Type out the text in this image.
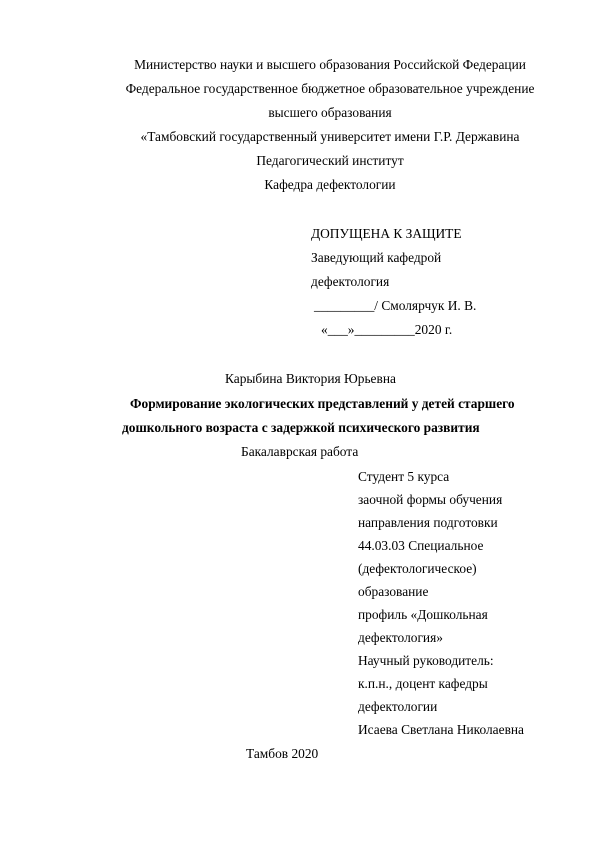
Министерство науки и высшего образования Российской Федерации
Федеральное государственное бюджетное образовательное учреждение
высшего образования
«Тамбовский государственный университет имени Г.Р. Державина
Педагогический институт
Кафедра дефектологии
ДОПУЩЕНА К ЗАЩИТЕ
Заведующий кафедрой
дефектология
_________/ Смолярчук И. В.
«___»_________2020 г.
Карыбина Виктория Юрьевна
Формирование экологических представлений у детей старшего
дошкольного возраста с задержкой психического развития
Бакалаврская работа
Студент 5 курса
заочной формы обучения
направления подготовки
44.03.03 Специальное
(дефектологическое)
образование
профиль «Дошкольная
дефектология»
Научный руководитель:
к.п.н., доцент кафедры
дефектологии
Исаева Светлана Николаевна
Тамбов 2020
